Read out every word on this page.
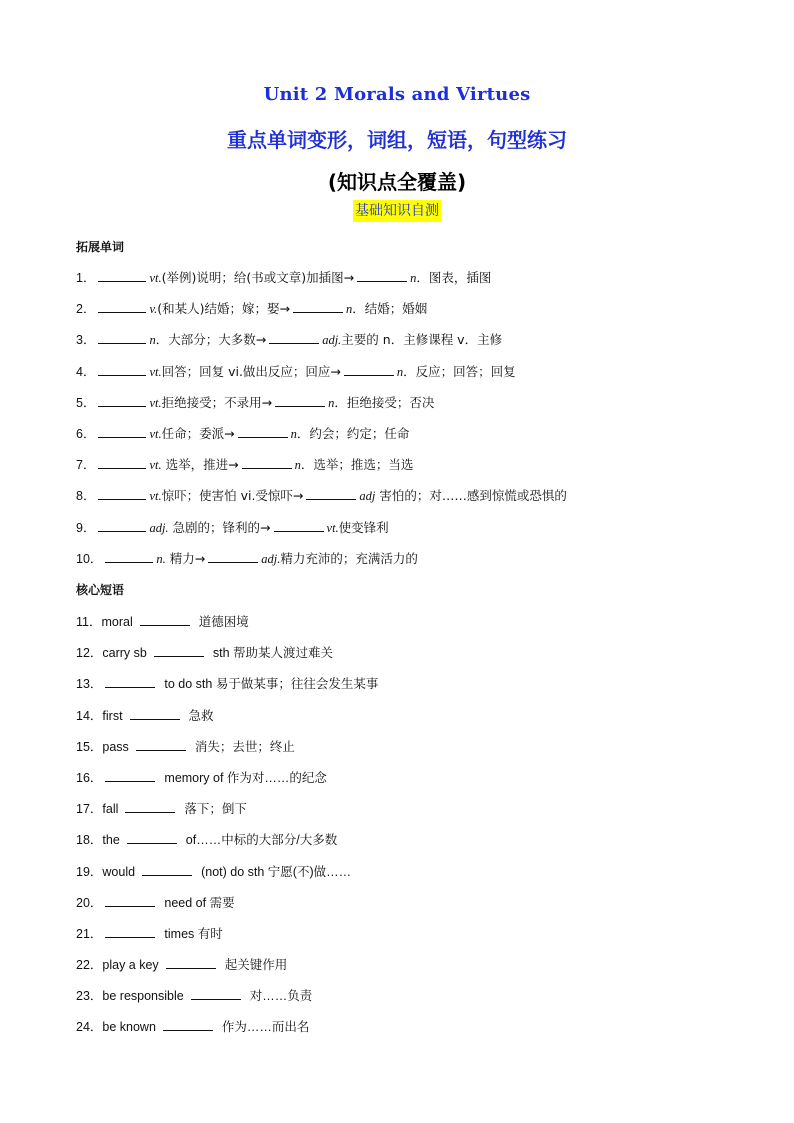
Unit 2 Morals and Virtues
重点单词变形，词组，短语，句型练习
(知识点全覆盖)
基础知识自测
拓展单词
1．	vt.(举例)说明；给(书或文章)加插图→	n．图表，插图
2．	v.(和某人)结婚；嫁；娶→	n．结婚；婚姻
3．	n．大部分；大多数→	adj.主要的 n．主修课程 v．主修
4．	vt.回答；回复 vi.做出反应；回应→	n．反应；回答；回复
5．	vt.拒绝接受；不录用→	n．拒绝接受；否决
6．	vt.任命；委派→	n．约会；约定；任命
7．	vt. 选举，推进→	n．选举；推选；当选
8．	vt.惊吓；使害怕 vi.受惊吓→	adj 害怕的；对……感到惊慌或恐惧的
9．	adj. 急剧的；锋利的→	vt.使变锋利
10．	n. 精力→	adj.精力充沛的；充满活力的
核心短语
11．moral	道德困境
12．carry sb	sth 帮助某人渡过难关
13．	to do sth 易于做某事；往往会发生某事
14．first	急救
15．pass	消失；去世；终止
16．	memory of 作为对……的纪念
17．fall	落下；倒下
18．the	of……中标的大部分/大多数
19．would	(not) do sth 宁愿(不)做……
20．	need of 需要
21．	times 有时
22．play a key	起关键作用
23．be responsible	对……负责
24．be known	作为……而出名
